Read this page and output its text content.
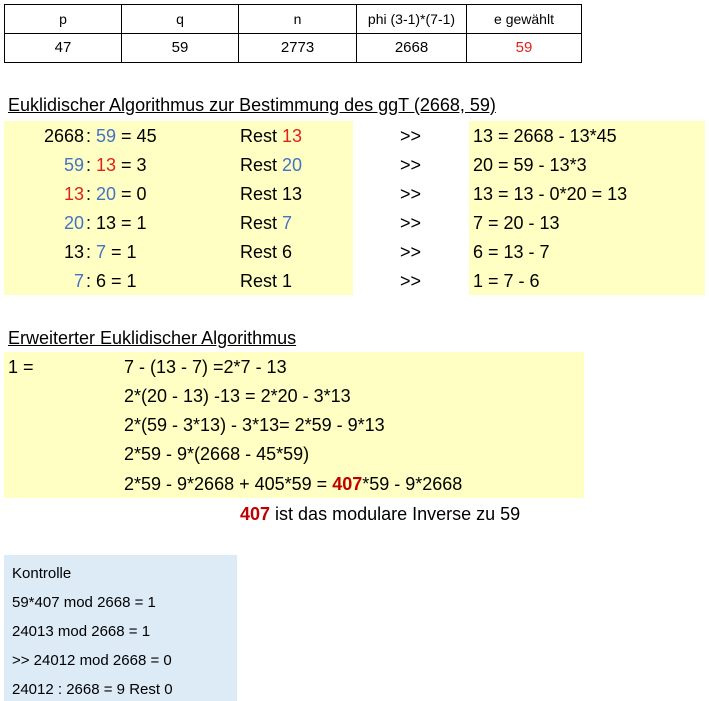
p	q	n	phi (3-1)*(7-1)	e gewählt
47	59	2773	2668	59
Euklidischer Algorithmus zur Bestimmung des ggT (2668, 59)
2668 : 59 = 45	Rest 13	>>	13 = 2668 - 13*45
59 : 13 = 3	Rest 20	>>	20 = 59 - 13*3
13 : 20 = 0	Rest 13	>>	13 = 13 - 0*20 = 13
20 : 13 = 1	Rest 7	>>	7 = 20 - 13
13 : 7 = 1	Rest 6	>>	6 = 13 - 7
7 : 6 = 1	Rest 1	>>	1 = 7 - 6
Erweiterter Euklidischer Algorithmus
1 =	7 - (13 - 7) =2*7 - 13
2*(20 - 13) -13 = 2*20 - 3*13
2*(59 - 3*13) - 3*13= 2*59 - 9*13
2*59 - 9*(2668 - 45*59)
2*59 - 9*2668 + 405*59 = 407*59 - 9*2668
407 ist das modulare Inverse zu 59
Kontrolle
59*407 mod 2668 = 1
24013 mod 2668 = 1
>> 24012 mod 2668 = 0
24012 : 2668 = 9 Rest 0
